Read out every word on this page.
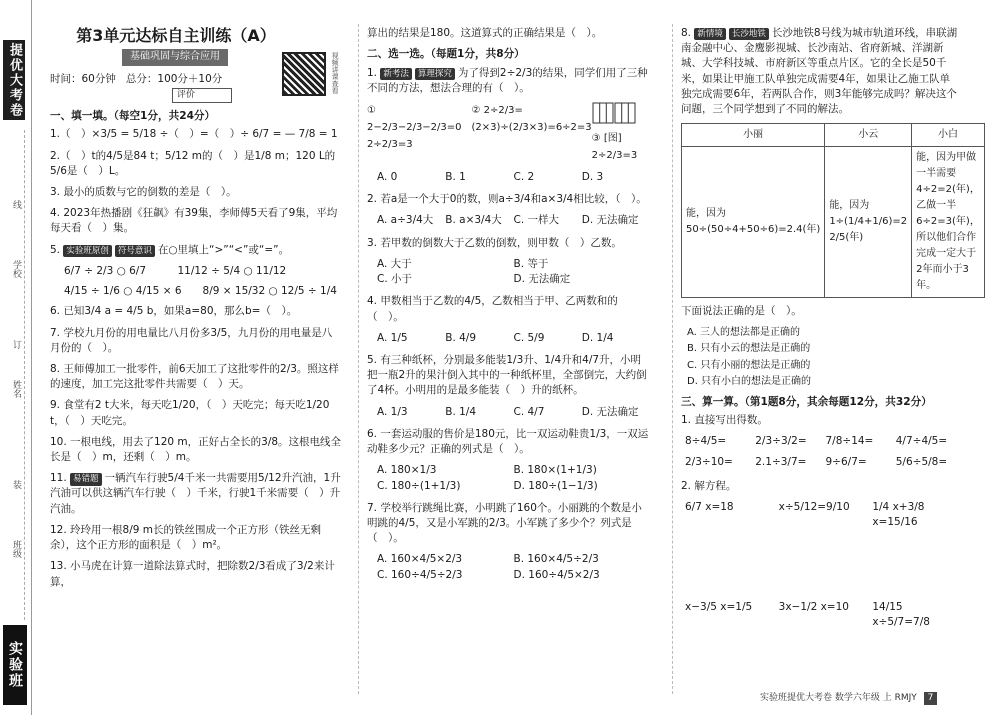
提优大考卷
学校
线
订
姓名
装
班级
实验班
第3单元达标自主训练（A）
基础巩固与综合应用	视频讲课查看
时间：60分钟 总分：100分＋10分
评价
一、填一填。（每空1分，共24分）
1.（　）×3/5 = 5/18 ÷（　）=（　）÷ 6/7 = — 7/8 = 1
2.（　）t的4/5是84 t；5/12 m的（　）是1/8 m；120 L的5/6是（　）L。
3. 最小的质数与它的倒数的差是（　）。
4. 2023年热播剧《狂飙》有39集，李师傅5天看了9集，平均每天看（　）集。
5. 实验班原创 符号意识 在○里填上“>”“<”或“=”。
6/7 ÷ 2/3 ○ 6/7　　　11/12 ÷ 5/4 ○ 11/12
4/15 ÷ 1/6 ○ 4/15 × 6　　8/9 × 15/32 ○ 12/5 ÷ 1/4
6. 已知3/4 a = 4/5 b，如果a=80，那么b=（　）。
7. 学校九月份的用电量比八月份多3/5，九月份的用电量是八月份的（　）。
8. 王师傅加工一批零件，前6天加工了这批零件的2/3。照这样的速度，加工完这批零件共需要（　）天。
9. 食堂有2 t大米，每天吃1/20，（　）天吃完；每天吃1/20 t，（　）天吃完。
10. 一根电线，用去了120 m，正好占全长的3/8。这根电线全长是（　）m，还剩（　）m。
11. 易错题 一辆汽车行驶5/4千米一共需要用5/12升汽油，1升汽油可以供这辆汽车行驶（　）千米，行驶1千米需要（　）升汽油。
12. 玲玲用一根8/9 m长的铁丝围成一个正方形（铁丝无剩余），这个正方形的面积是（　）m²。
13. 小马虎在计算一道除法算式时，把除数2/3看成了3/2来计算，
算出的结果是180。这道算式的正确结果是（　）。
二、选一选。（每题1分，共8分）
1. 新考法 算理探究 为了得到2÷2/3的结果，同学们用了三种不同的方法，想法合理的有（　）。
① 2−2/3−2/3−2/3=0　2÷2/3=3
② 2÷2/3=(2×3)÷(2/3×3)=6÷2=3
③ [图] 2÷2/3=3
A. 0	B. 1	C. 2	D. 3
2. 若a是一个大于0的数，则a÷3/4和a×3/4相比较，（　）。
A. a÷3/4大	B. a×3/4大	C. 一样大	D. 无法确定
3. 若甲数的倒数大于乙数的倒数，则甲数（　）乙数。
A. 大于	B. 等于
C. 小于	D. 无法确定
4. 甲数相当于乙数的4/5，乙数相当于甲、乙两数和的（　）。
A. 1/5	B. 4/9	C. 5/9	D. 1/4
5. 有三种纸杯，分别最多能装1/3升、1/4升和4/7升，小明把一瓶2升的果汁倒入其中的一种纸杯里，全部倒完，大约倒了4杯。小明用的是最多能装（　）升的纸杯。
A. 1/3	B. 1/4	C. 4/7	D. 无法确定
6. 一套运动服的售价是180元，比一双运动鞋贵1/3，一双运动鞋多少元？正确的列式是（　）。
A. 180×1/3	B. 180×(1+1/3)
C. 180÷(1+1/3)	D. 180÷(1−1/3)
7. 学校举行跳绳比赛，小明跳了160个。小丽跳的个数是小明跳的4/5，又是小军跳的2/3。小军跳了多少个？列式是（　）。
A. 160×4/5×2/3	B. 160×4/5÷2/3
C. 160÷4/5÷2/3	D. 160÷4/5×2/3
8. 新情境 长沙地铁 长沙地铁8号线为城市轨道环线，串联湖南金融中心、金鹰影视城、长沙南站、省府新城、洋湖新城、大学科技城、市府新区等重点片区。它的全长是50千米，如果让甲施工队单独完成需要4年，如果让乙施工队单独完成需要6年，若两队合作，则3年能够完成吗？解决这个问题，三个同学想到了不同的解法。
小丽	小云	小白
能，因为50÷(50÷4+50÷6)=2.4(年)	能，因为1÷(1/4+1/6)=2 2/5(年)	能，因为甲做一半需要4÷2=2(年)，乙做一半6÷2=3(年)，所以他们合作完成一定大于2年而小于3年。
下面说法正确的是（　）。
A. 三人的想法都是正确的
B. 只有小云的想法是正确的
C. 只有小丽的想法是正确的
D. 只有小白的想法是正确的
三、算一算。（第1题8分，其余每题12分，共32分）
1. 直接写出得数。
8÷4/5=	2/3÷3/2=	7/8÷14=	4/7÷4/5=
2/3÷10=	2.1÷3/7=	9÷6/7=	5/6÷5/8=
2. 解方程。
6/7 x=18	x÷5/12=9/10	1/4 x+3/8 x=15/16
x−3/5 x=1/5	3x−1/2 x=10	14/15 x÷5/7=7/8
实验班提优大考卷 数学六年级 上 RMJY 7
